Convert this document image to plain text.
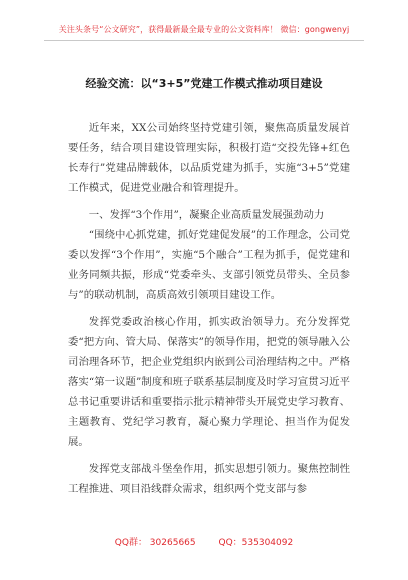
关注头条号“公文研究”，获得最新最全最专业的公文资料库！ 微信：gongwenyj
经验交流：以“3+5”党建工作模式推动项目建设

近年来，XX公司始终坚持党建引领，聚焦高质量发展首要任务，结合项目建设管理实际，积极打造“交投先锋+红色长寿行”党建品牌载体，以品质党建为抓手，实施“3+5”党建工作模式，促进党业融合和管理提升。

一、发挥“3个作用”，凝聚企业高质量发展强劲动力

“围绕中心抓党建，抓好党建促发展”的工作理念，公司党委以发挥“3个作用”，实施“5个融合”工程为抓手，促党建和业务同频共振，形成“党委牵头、支部引领党员带头、全员参与”的联动机制，高质高效引领项目建设工作。

发挥党委政治核心作用，抓实政治领导力。充分发挥党委“把方向、管大局、保落实”的领导作用，把党的领导融入公司治理各环节，把企业党组织内嵌到公司治理结构之中。严格落实“第一议题”制度和班子联系基层制度及时学习宣贯习近平总书记重要讲话和重要指示批示精神带头开展党史学习教育、主题教育、党纪学习教育，凝心聚力学理论、担当作为促发展。

发挥党支部战斗堡垒作用，抓实思想引领力。聚焦控制性工程推进、项目沿线群众需求，组织两个党支部与参

QQ群： 30265665	QQ：535304092
